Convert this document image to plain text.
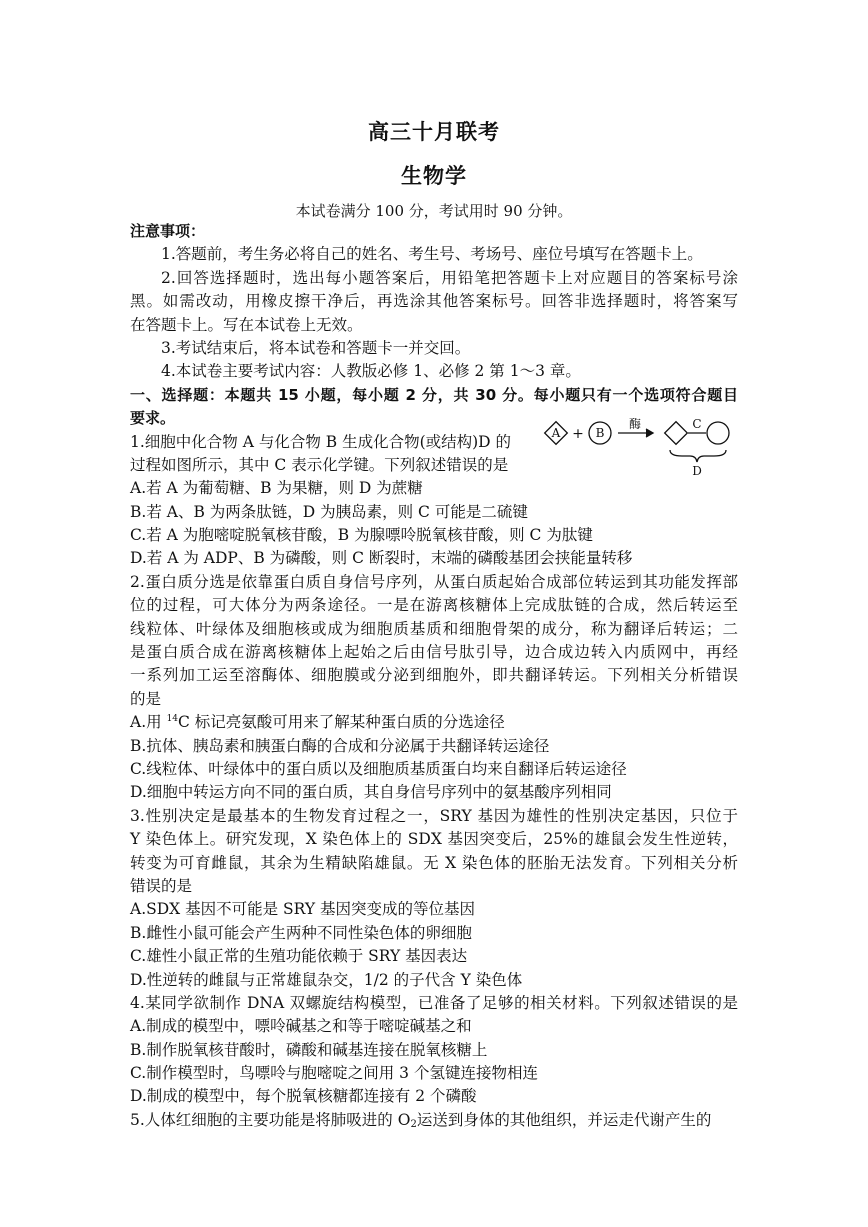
高三十月联考
生物学
本试卷满分 100 分，考试用时 90 分钟。
A + B
酶	C
D
注意事项：
1.答题前，考生务必将自己的姓名、考生号、考场号、座位号填写在答题卡上。
2.回答选择题时，选出每小题答案后，用铅笔把答题卡上对应题目的答案标号涂
黑。如需改动，用橡皮擦干净后，再选涂其他答案标号。回答非选择题时，将答案写
在答题卡上。写在本试卷上无效。
3.考试结束后，将本试卷和答题卡一并交回。
4.本试卷主要考试内容：人教版必修 1、必修 2 第 1～3 章。
一、选择题：本题共 15 小题，每小题 2 分，共 30 分。每小题只有一个选项符合题目
要求。
1.细胞中化合物 A 与化合物 B 生成化合物(或结构)D 的
过程如图所示，其中 C 表示化学键。下列叙述错误的是
A.若 A 为葡萄糖、B 为果糖，则 D 为蔗糖
B.若 A、B 为两条肽链，D 为胰岛素，则 C 可能是二硫键
C.若 A 为胞嘧啶脱氧核苷酸，B 为腺嘌呤脱氧核苷酸，则 C 为肽键
D.若 A 为 ADP、B 为磷酸，则 C 断裂时，末端的磷酸基团会挟能量转移
2.蛋白质分选是依靠蛋白质自身信号序列，从蛋白质起始合成部位转运到其功能发挥部
位的过程，可大体分为两条途径。一是在游离核糖体上完成肽链的合成，然后转运至
线粒体、叶绿体及细胞核或成为细胞质基质和细胞骨架的成分，称为翻译后转运；二
是蛋白质合成在游离核糖体上起始之后由信号肽引导，边合成边转入内质网中，再经
一系列加工运至溶酶体、细胞膜或分泌到细胞外，即共翻译转运。下列相关分析错误
的是
A.用 $^{14}$C 标记亮氨酸可用来了解某种蛋白质的分选途径
B.抗体、胰岛素和胰蛋白酶的合成和分泌属于共翻译转运途径
C.线粒体、叶绿体中的蛋白质以及细胞质基质蛋白均来自翻译后转运途径
D.细胞中转运方向不同的蛋白质，其自身信号序列中的氨基酸序列相同
3.性别决定是最基本的生物发育过程之一，SRY 基因为雄性的性别决定基因，只位于
Y 染色体上。研究发现，X 染色体上的 SDX 基因突变后，25%的雄鼠会发生性逆转，
转变为可育雌鼠，其余为生精缺陷雄鼠。无 X 染色体的胚胎无法发育。下列相关分析
错误的是
A.SDX 基因不可能是 SRY 基因突变成的等位基因
B.雌性小鼠可能会产生两种不同性染色体的卵细胞
C.雄性小鼠正常的生殖功能依赖于 SRY 基因表达
D.性逆转的雌鼠与正常雄鼠杂交，1/2 的子代含 Y 染色体
4.某同学欲制作 DNA 双螺旋结构模型，已准备了足够的相关材料。下列叙述错误的是
A.制成的模型中，嘌呤碱基之和等于嘧啶碱基之和
B.制作脱氧核苷酸时，磷酸和碱基连接在脱氧核糖上
C.制作模型时，鸟嘌呤与胞嘧啶之间用 3 个氢键连接物相连
D.制成的模型中，每个脱氧核糖都连接有 2 个磷酸
5.人体红细胞的主要功能是将肺吸进的 $O_2$运送到身体的其他组织，并运走代谢产生的
